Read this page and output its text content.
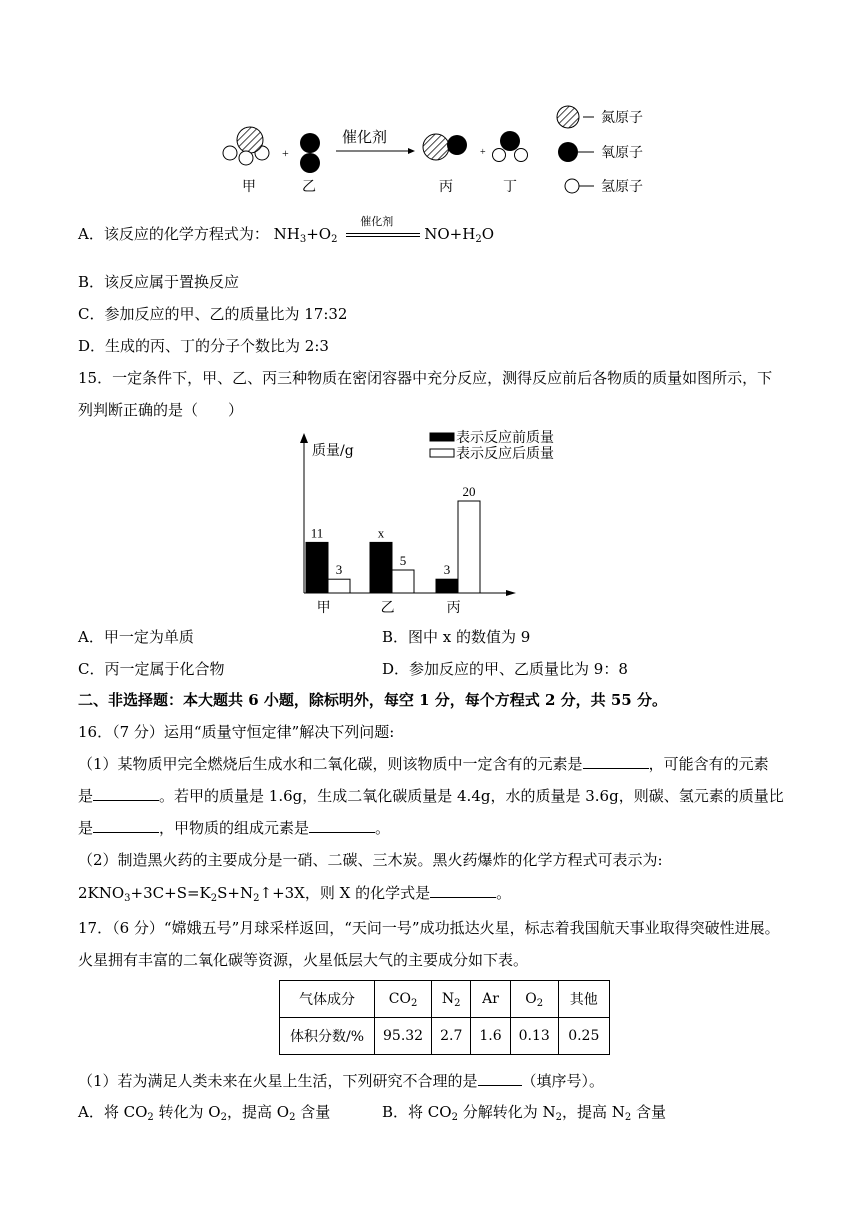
+
催化剂
+
甲	乙	丙	丁
氮原子
氧原子
氢原子
A．该反应的化学方程式为： $NH_3+O_2$
催化剂
$NO+H_2O$
B．该反应属于置换反应
C．参加反应的甲、乙的质量比为 17:32
D．生成的丙、丁的分子个数比为 2:3
15．一定条件下，甲、乙、丙三种物质在密闭容器中充分反应，测得反应前后各物质的质量如图所示，下
列判断正确的是（　　）
质量/g
表示反应前质量
表示反应后质量
11
3
甲
x
5
乙
3
20
丙
A．甲一定为单质	B．图中 x 的数值为 9
C．丙一定属于化合物	D．参加反应的甲、乙质量比为 9：8
二、非选择题：本大题共 6 小题，除标明外，每空 1 分，每个方程式 2 分，共 55 分。
16．（7 分）运用“质量守恒定律”解决下列问题:
（1）某物质甲完全燃烧后生成水和二氧化碳，则该物质中一定含有的元素是	，可能含有的元素
是	。若甲的质量是 1.6g，生成二氧化碳质量是 4.4g，水的质量是 3.6g，则碳、氢元素的质量比
是	，甲物质的组成元素是	。
（2）制造黑火药的主要成分是一硝、二碳、三木炭。黑火药爆炸的化学方程式可表示为:
$2KNO_3+3C+S=K_2S+N_2↑+3X$，则 X 的化学式是	。
17．（6 分）“嫦娥五号”月球采样返回，“天问一号”成功抵达火星，标志着我国航天事业取得突破性进展。
火星拥有丰富的二氧化碳等资源，火星低层大气的主要成分如下表。
气体成分	$CO_2$	$N_2$	Ar	$O_2$	其他
体积分数/%	95.32	2.7	1.6	0.13	0.25
（1）若为满足人类未来在火星上生活，下列研究不合理的是	（填序号）。
A．将 $CO_2$ 转化为 $O_2$，提高 $O_2$ 含量	B．将 $CO_2$ 分解转化为 $N_2$，提高 $N_2$ 含量
